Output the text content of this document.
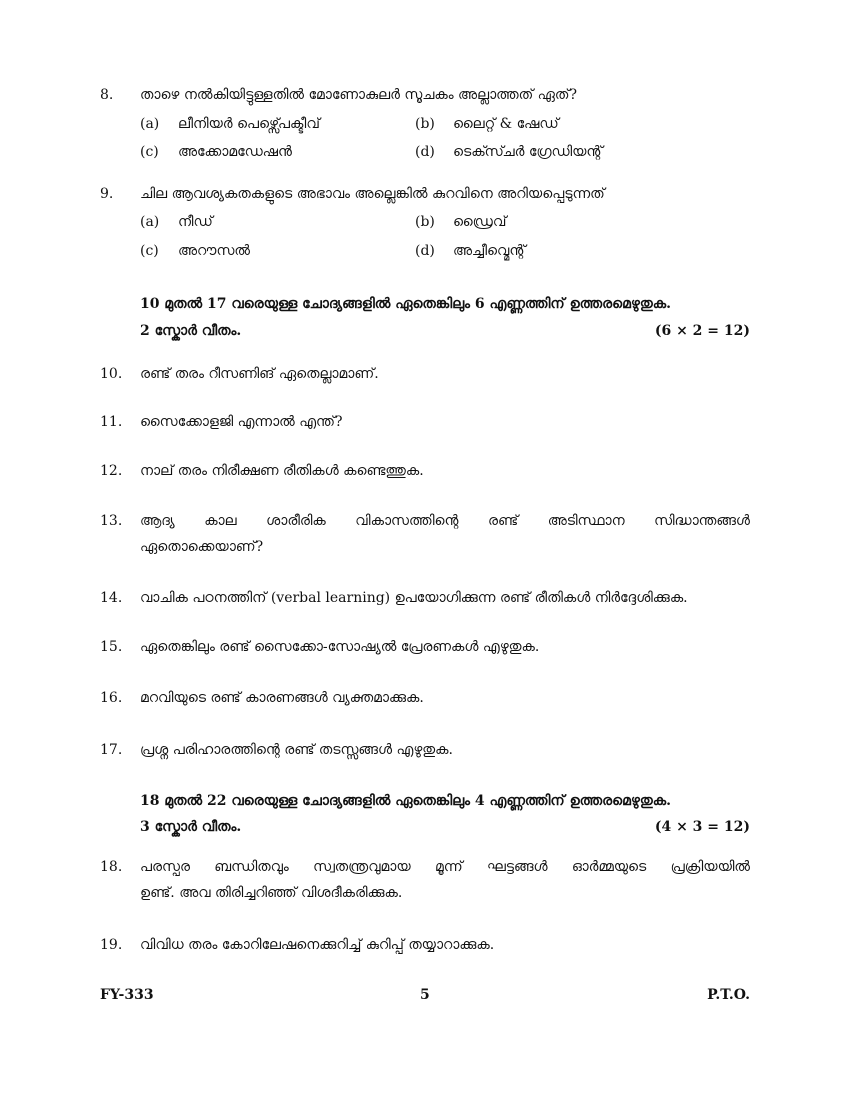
8.	താഴെ നൽകിയിട്ടുള്ളതിൽ മോണോകുലർ സൂചകം അല്ലാത്തത് ഏത്?
(a)	ലീനിയർ പെഴ്സ്പെക്ടീവ്	(b)	ലൈറ്റ് & ഷേഡ്
(c)	അക്കോമഡേഷൻ	(d)	ടെക്സ്ചർ ഗ്രേഡിയന്റ്
9.	ചില ആവശ്യകതകളുടെ അഭാവം അല്ലെങ്കിൽ കുറവിനെ അറിയപ്പെടുന്നത്
(a)	നീഡ്	(b)	ഡ്രൈവ്
(c)	അറൗസൽ	(d)	അച്ചീവ്മെന്റ്
10 മുതൽ 17 വരെയുള്ള ചോദ്യങ്ങളിൽ ഏതെങ്കിലും 6 എണ്ണത്തിന് ഉത്തരമെഴുതുക.
2 സ്കോർ വീതം.	(6 × 2 = 12)
10.	രണ്ട് തരം റീസണിങ് ഏതെല്ലാമാണ്.
11.	സൈക്കോളജി എന്നാൽ എന്ത്?
12.	നാല് തരം നിരീക്ഷണ രീതികൾ കണ്ടെത്തുക.
13.	ആദ്യ കാല ശാരീരിക വികാസത്തിന്റെ രണ്ട് അടിസ്ഥാന സിദ്ധാന്തങ്ങൾ
ഏതൊക്കെയാണ്?
14.	വാചിക പഠനത്തിന് (verbal learning) ഉപയോഗിക്കുന്ന രണ്ട് രീതികൾ നിർദ്ദേശിക്കുക.
15.	ഏതെങ്കിലും രണ്ട് സൈക്കോ-സോഷ്യൽ പ്രേരണകൾ എഴുതുക.
16.	മറവിയുടെ രണ്ട് കാരണങ്ങൾ വ്യക്തമാക്കുക.
17.	പ്രശ്ന പരിഹാരത്തിന്റെ രണ്ട് തടസ്സങ്ങൾ എഴുതുക.
18 മുതൽ 22 വരെയുള്ള ചോദ്യങ്ങളിൽ ഏതെങ്കിലും 4 എണ്ണത്തിന് ഉത്തരമെഴുതുക.
3 സ്കോർ വീതം.	(4 × 3 = 12)
18.	പരസ്പര ബന്ധിതവും സ്വതന്ത്രവുമായ മൂന്ന് ഘട്ടങ്ങൾ ഓർമ്മയുടെ പ്രക്രിയയിൽ
ഉണ്ട്. അവ തിരിച്ചറിഞ്ഞ് വിശദീകരിക്കുക.
19.	വിവിധ തരം കോറിലേഷനെക്കുറിച്ച് കുറിപ്പ് തയ്യാറാക്കുക.
FY-333	5	P.T.O.
